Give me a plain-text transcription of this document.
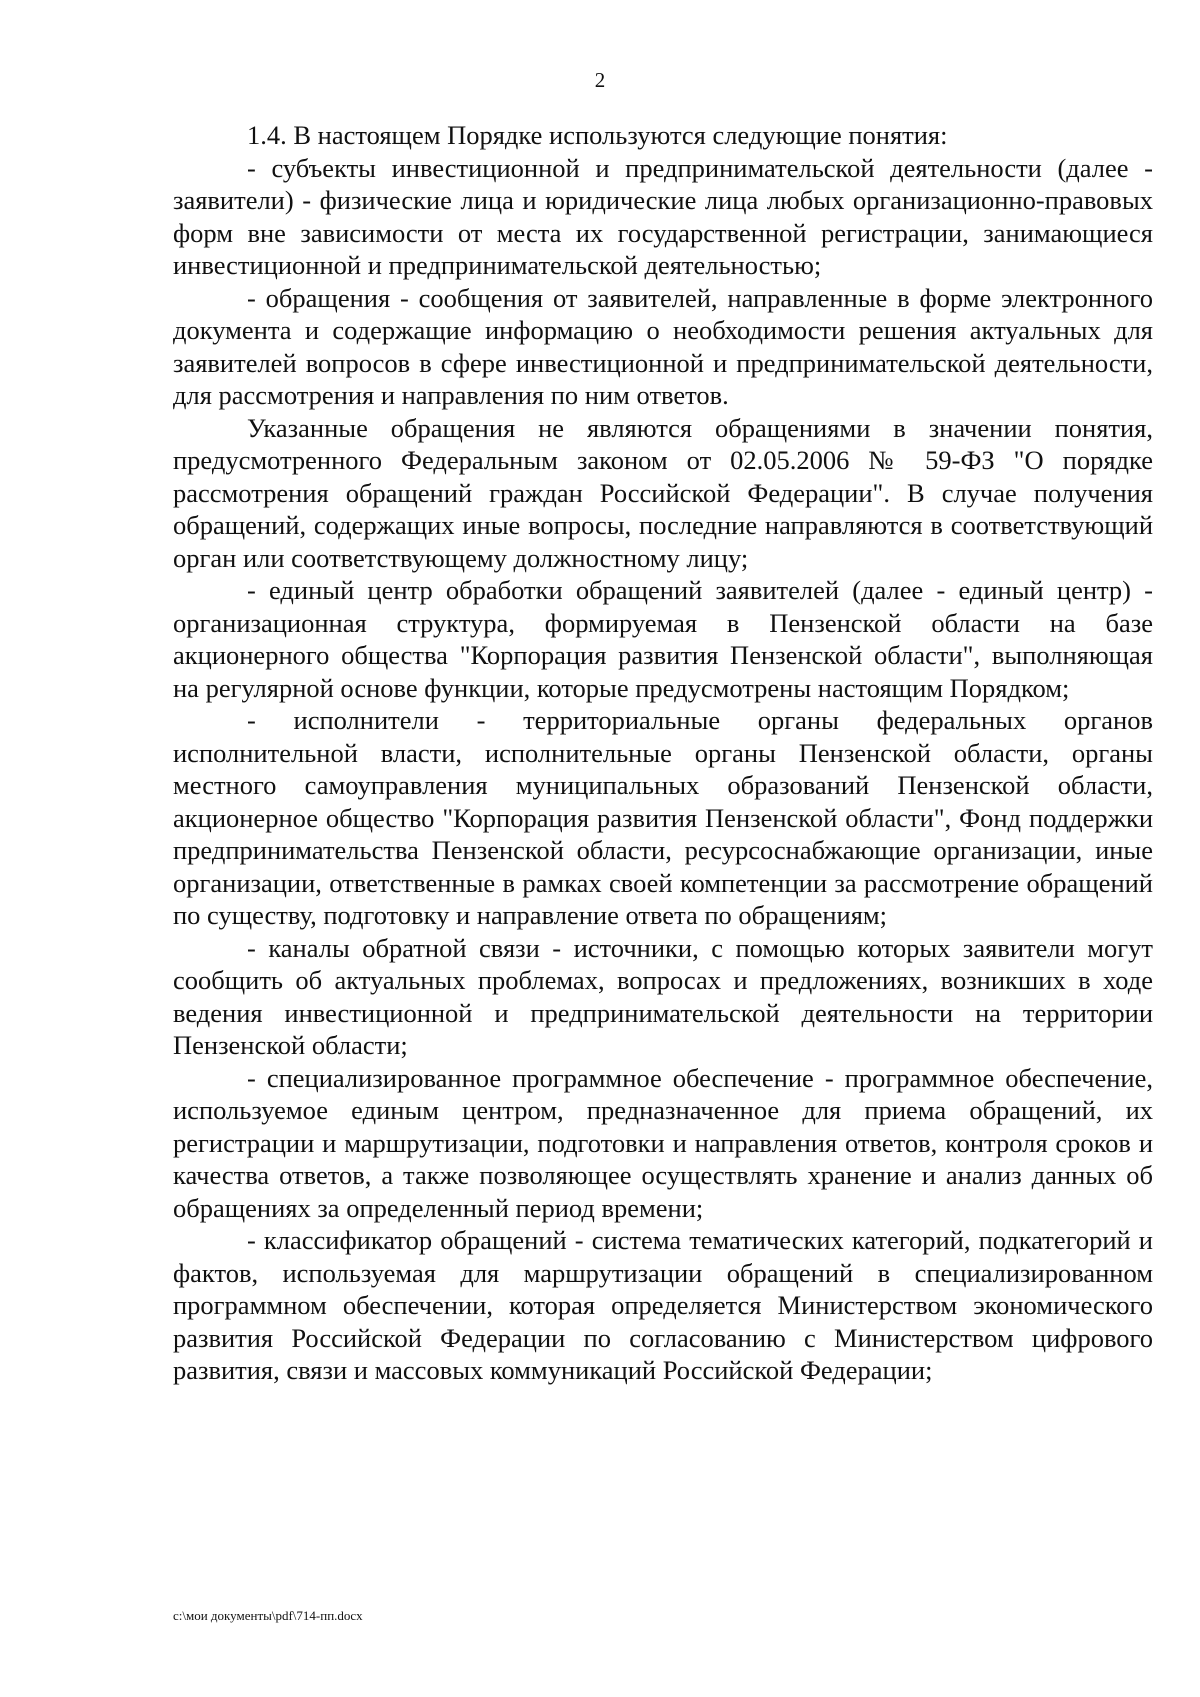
2

1.4. В настоящем Порядке используются следующие понятия:

- субъекты инвестиционной и предпринимательской деятельности (далее - заявители) - физические лица и юридические лица любых организационно-правовых форм вне зависимости от места их государственной регистрации, занимающиеся инвестиционной и предпринимательской деятельностью;

- обращения - сообщения от заявителей, направленные в форме электронного документа и содержащие информацию о необходимости решения актуальных для заявителей вопросов в сфере инвестиционной и предпринимательской деятельности, для рассмотрения и направления по ним ответов.

Указанные обращения не являются обращениями в значении понятия, предусмотренного Федеральным законом от 02.05.2006 № 59-ФЗ "О порядке рассмотрения обращений граждан Российской Федерации". В случае получения обращений, содержащих иные вопросы, последние направляются в соответствующий орган или соответствующему должностному лицу;

- единый центр обработки обращений заявителей (далее - единый центр) - организационная структура, формируемая в Пензенской области на базе акционерного общества "Корпорация развития Пензенской области", выполняющая на регулярной основе функции, которые предусмотрены настоящим Порядком;

- исполнители - территориальные органы федеральных органов исполнительной власти, исполнительные органы Пензенской области, органы местного самоуправления муниципальных образований Пензенской области, акционерное общество "Корпорация развития Пензенской области", Фонд поддержки предпринимательства Пензенской области, ресурсоснабжающие организации, иные организации, ответственные в рамках своей компетенции за рассмотрение обращений по существу, подготовку и направление ответа по обращениям;

- каналы обратной связи - источники, с помощью которых заявители могут сообщить об актуальных проблемах, вопросах и предложениях, возникших в ходе ведения инвестиционной и предпринимательской деятельности на территории Пензенской области;

- специализированное программное обеспечение - программное обеспечение, используемое единым центром, предназначенное для приема обращений, их регистрации и маршрутизации, подготовки и направления ответов, контроля сроков и качества ответов, а также позволяющее осуществлять хранение и анализ данных об обращениях за определенный период времени;

- классификатор обращений - система тематических категорий, подкатегорий и фактов, используемая для маршрутизации обращений в специализированном программном обеспечении, которая определяется Министерством экономического развития Российской Федерации по согласованию с Министерством цифрового развития, связи и массовых коммуникаций Российской Федерации;

c:\мои документы\pdf\714-пп.docx
